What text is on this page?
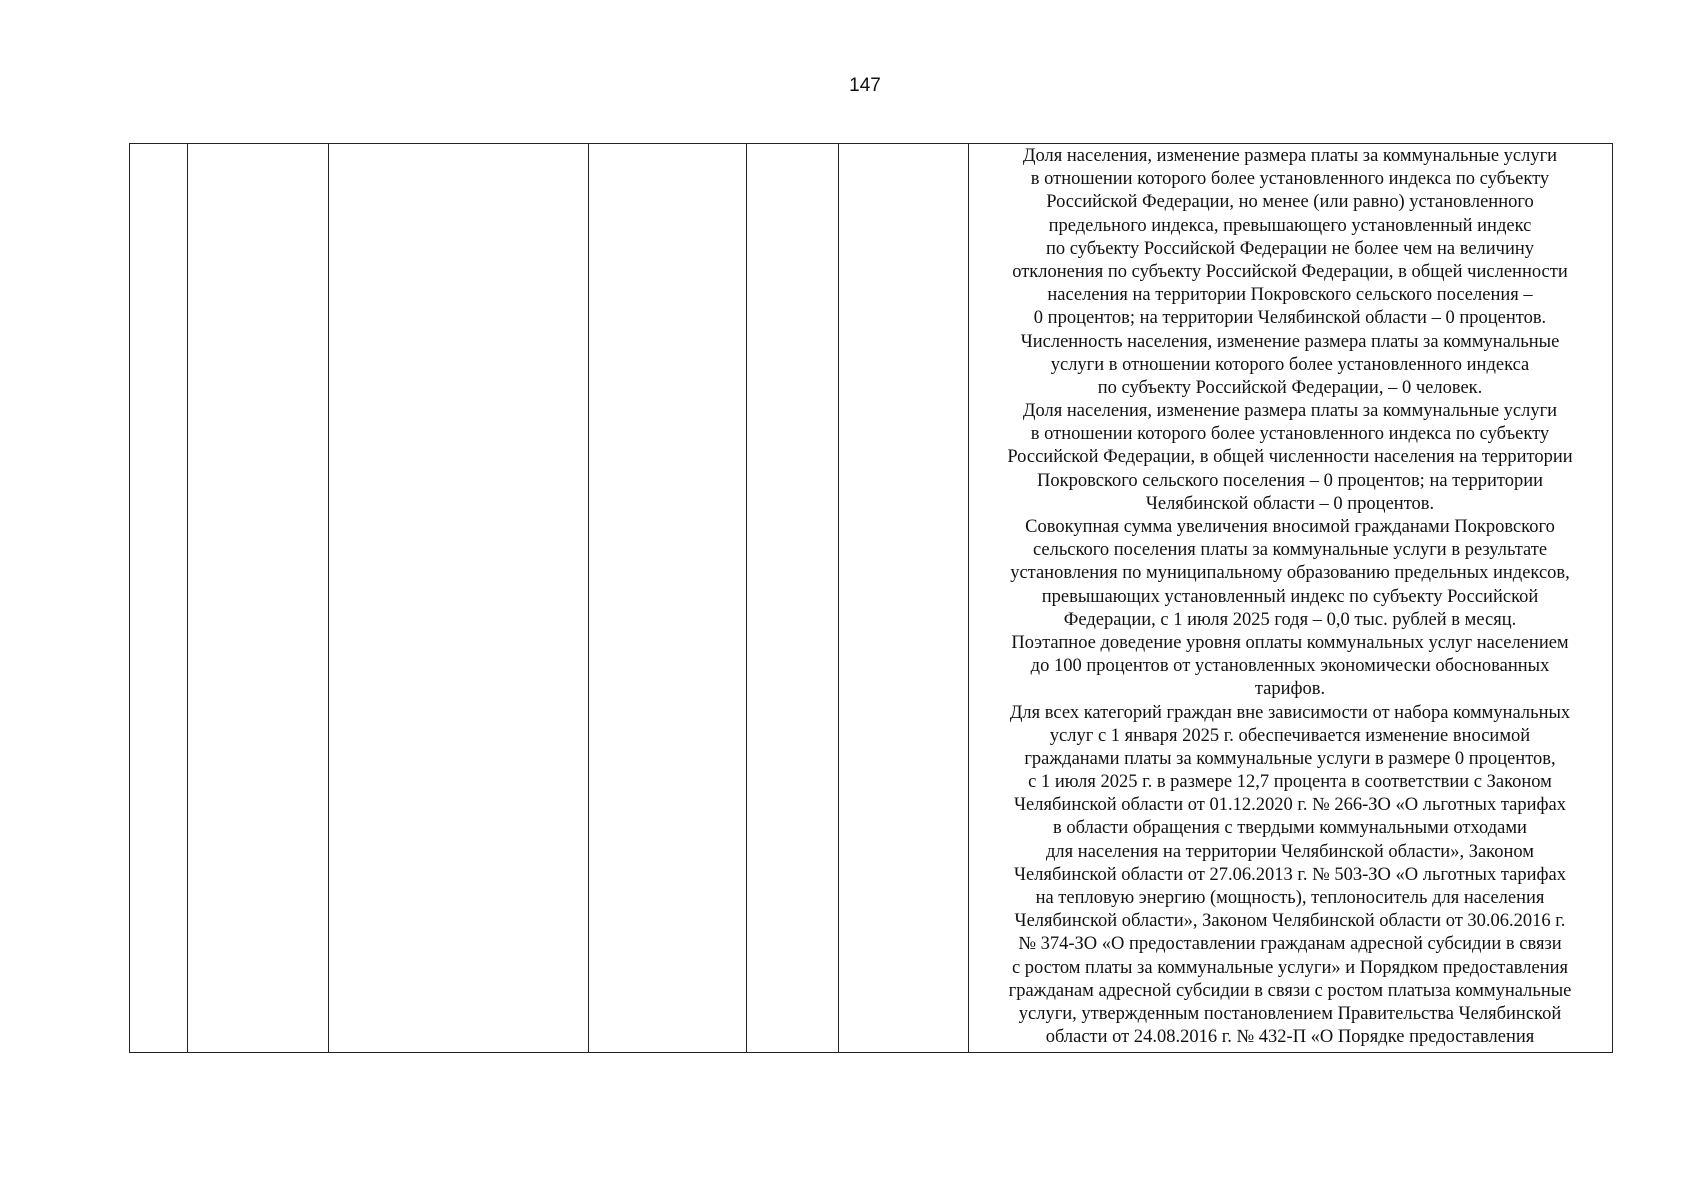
147
Доля населения, изменение размера платы за коммунальные услуги
в отношении которого более установленного индекса по субъекту
Российской Федерации, но менее (или равно) установленного
предельного индекса, превышающего установленный индекс
по субъекту Российской Федерации не более чем на величину
отклонения по субъекту Российской Федерации, в общей численности
населения на территории Покровского сельского поселения –
0 процентов; на территории Челябинской области – 0 процентов.
Численность населения, изменение размера платы за коммунальные
услуги в отношении которого более установленного индекса
по субъекту Российской Федерации, – 0 человек.
Доля населения, изменение размера платы за коммунальные услуги
в отношении которого более установленного индекса по субъекту
Российской Федерации, в общей численности населения на территории
Покровского сельского поселения – 0 процентов; на территории
Челябинской области – 0 процентов.
Совокупная сумма увеличения вносимой гражданами Покровского
сельского поселения платы за коммунальные услуги в результате
установления по муниципальному образованию предельных индексов,
превышающих установленный индекс по субъекту Российской
Федерации, с 1 июля 2025 годя – 0,0 тыс. рублей в месяц.
Поэтапное доведение уровня оплаты коммунальных услуг населением
до 100 процентов от установленных экономически обоснованных
тарифов.
Для всех категорий граждан вне зависимости от набора коммунальных
услуг с 1 января 2025 г. обеспечивается изменение вносимой
гражданами платы за коммунальные услуги в размере 0 процентов,
с 1 июля 2025 г. в размере 12,7 процента в соответствии с Законом
Челябинской области от 01.12.2020 г. № 266-ЗО «О льготных тарифах
в области обращения с твердыми коммунальными отходами
для населения на территории Челябинской области», Законом
Челябинской области от 27.06.2013 г. № 503-ЗО «О льготных тарифах
на тепловую энергию (мощность), теплоноситель для населения
Челябинской области», Законом Челябинской области от 30.06.2016 г.
№ 374-ЗО «О предоставлении гражданам адресной субсидии в связи
с ростом платы за коммунальные услуги» и Порядком предоставления
гражданам адресной субсидии в связи с ростом платыза коммунальные
услуги, утвержденным постановлением Правительства Челябинской
области от 24.08.2016 г. № 432-П «О Порядке предоставления
